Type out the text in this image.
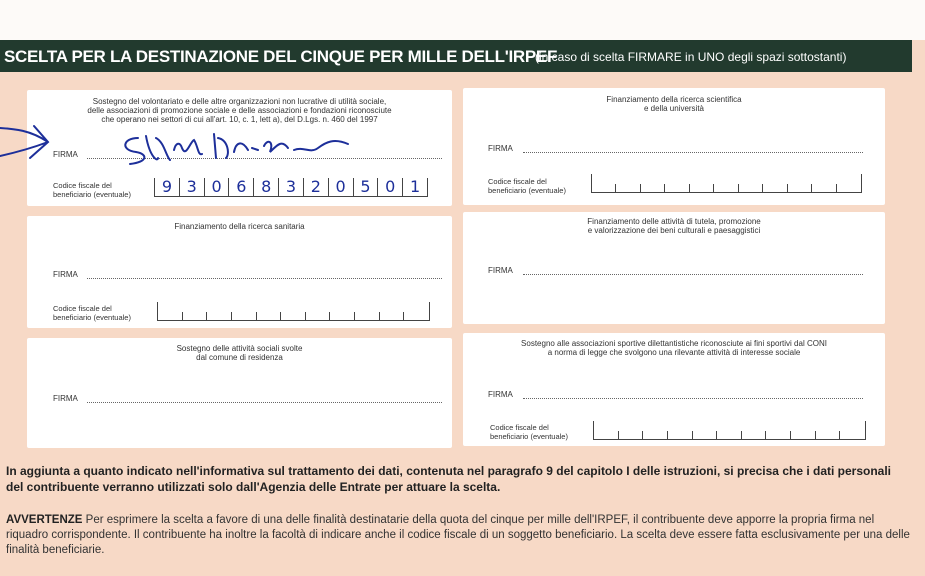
SCELTA PER LA DESTINAZIONE DEL CINQUE PER MILLE DELL'IRPEF
(in caso di scelta FIRMARE in UNO degli spazi sottostanti)
Sostegno del volontariato e delle altre organizzazioni non lucrative di utilità sociale,
delle associazioni di promozione sociale e delle associazioni e fondazioni riconosciute
che operano nei settori di cui all'art. 10, c. 1, lett a), del D.Lgs. n. 460 del 1997
FIRMA
Codice fiscale del
beneficiario (eventuale)	9 3 0 6 8 3 2 0 5 0 1
Finanziamento della ricerca scientifica
e della università
FIRMA
Codice fiscale del
beneficiario (eventuale)
Finanziamento della ricerca sanitaria
FIRMA
Codice fiscale del
beneficiario (eventuale)
Finanziamento delle attività di tutela, promozione
e valorizzazione dei beni culturali e paesaggistici
FIRMA
Sostegno delle attività sociali svolte
dal comune di residenza
FIRMA
Sostegno alle associazioni sportive dilettantistiche riconosciute ai fini sportivi dal CONI
a norma di legge che svolgono una rilevante attività di interesse sociale
FIRMA
Codice fiscale del
beneficiario (eventuale)
In aggiunta a quanto indicato nell'informativa sul trattamento dei dati, contenuta nel paragrafo 9 del capitolo I delle istruzioni, si precisa che i dati personali del contribuente verranno utilizzati solo dall'Agenzia delle Entrate per attuare la scelta.
AVVERTENZE Per esprimere la scelta a favore di una delle finalità destinatarie della quota del cinque per mille dell'IRPEF, il contribuente deve apporre la propria firma nel riquadro corrispondente. Il contribuente ha inoltre la facoltà di indicare anche il codice fiscale di un soggetto beneficiario. La scelta deve essere fatta esclusivamente per una delle finalità beneficiarie.
